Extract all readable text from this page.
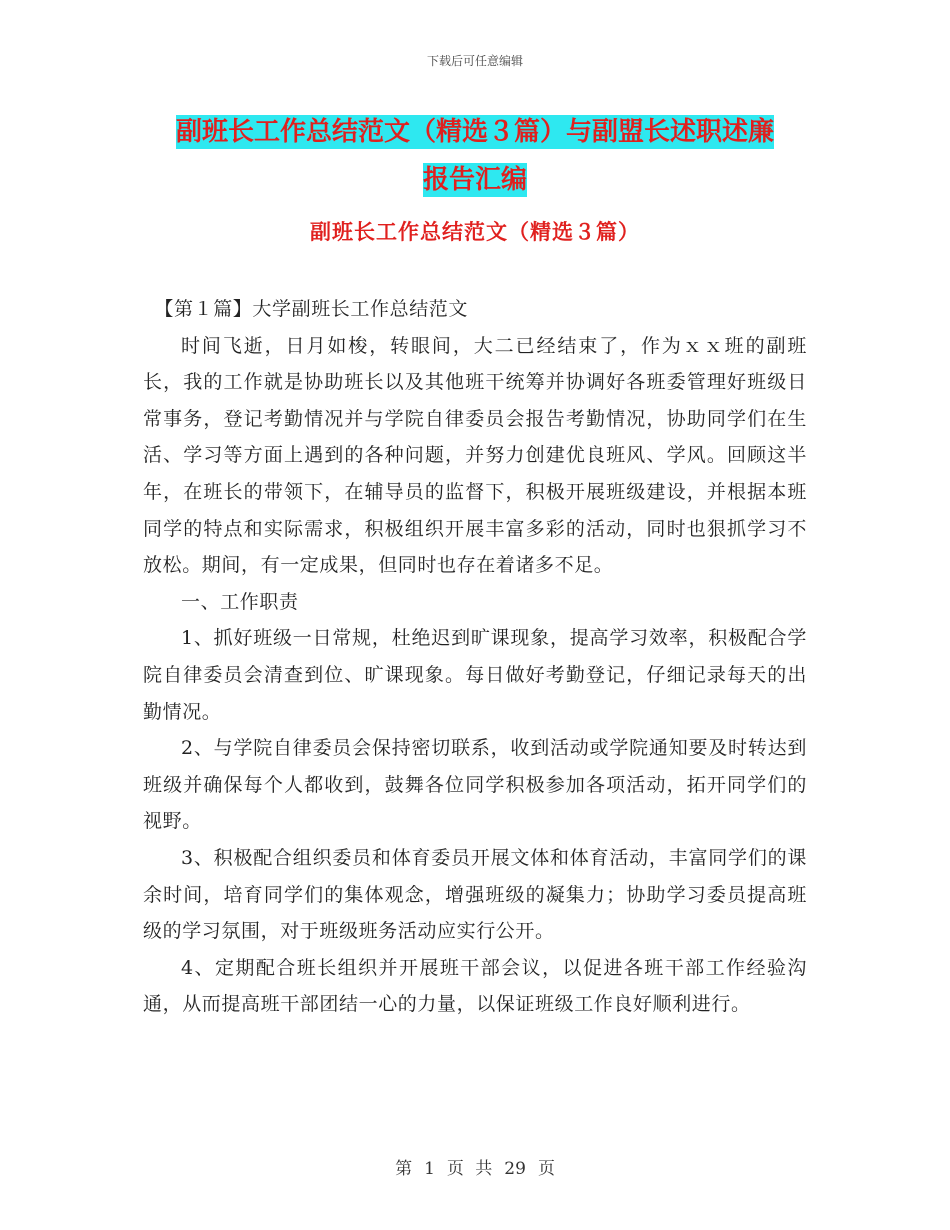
下载后可任意编辑
副班长工作总结范文（精选３篇）与副盟长述职述廉
报告汇编
副班长工作总结范文（精选３篇）

【第１篇】大学副班长工作总结范文

时间飞逝，日月如梭，转眼间，大二已经结束了，作为ｘｘ班的副班长，我的工作就是协助班长以及其他班干统筹并协调好各班委管理好班级日常事务，登记考勤情况并与学院自律委员会报告考勤情况，协助同学们在生活、学习等方面上遇到的各种问题，并努力创建优良班风、学风。回顾这半年，在班长的带领下，在辅导员的监督下，积极开展班级建设，并根据本班同学的特点和实际需求，积极组织开展丰富多彩的活动，同时也狠抓学习不放松。期间，有一定成果，但同时也存在着诸多不足。

一、工作职责

1、抓好班级一日常规，杜绝迟到旷课现象，提高学习效率，积极配合学院自律委员会清查到位、旷课现象。每日做好考勤登记，仔细记录每天的出勤情况。

2、与学院自律委员会保持密切联系，收到活动或学院通知要及时转达到班级并确保每个人都收到，鼓舞各位同学积极参加各项活动，拓开同学们的视野。

3、积极配合组织委员和体育委员开展文体和体育活动，丰富同学们的课余时间，培育同学们的集体观念，增强班级的凝集力；协助学习委员提高班级的学习氛围，对于班级班务活动应实行公开。

4、定期配合班长组织并开展班干部会议，以促进各班干部工作经验沟通，从而提高班干部团结一心的力量，以保证班级工作良好顺利进行。

第 1 页 共 29 页
